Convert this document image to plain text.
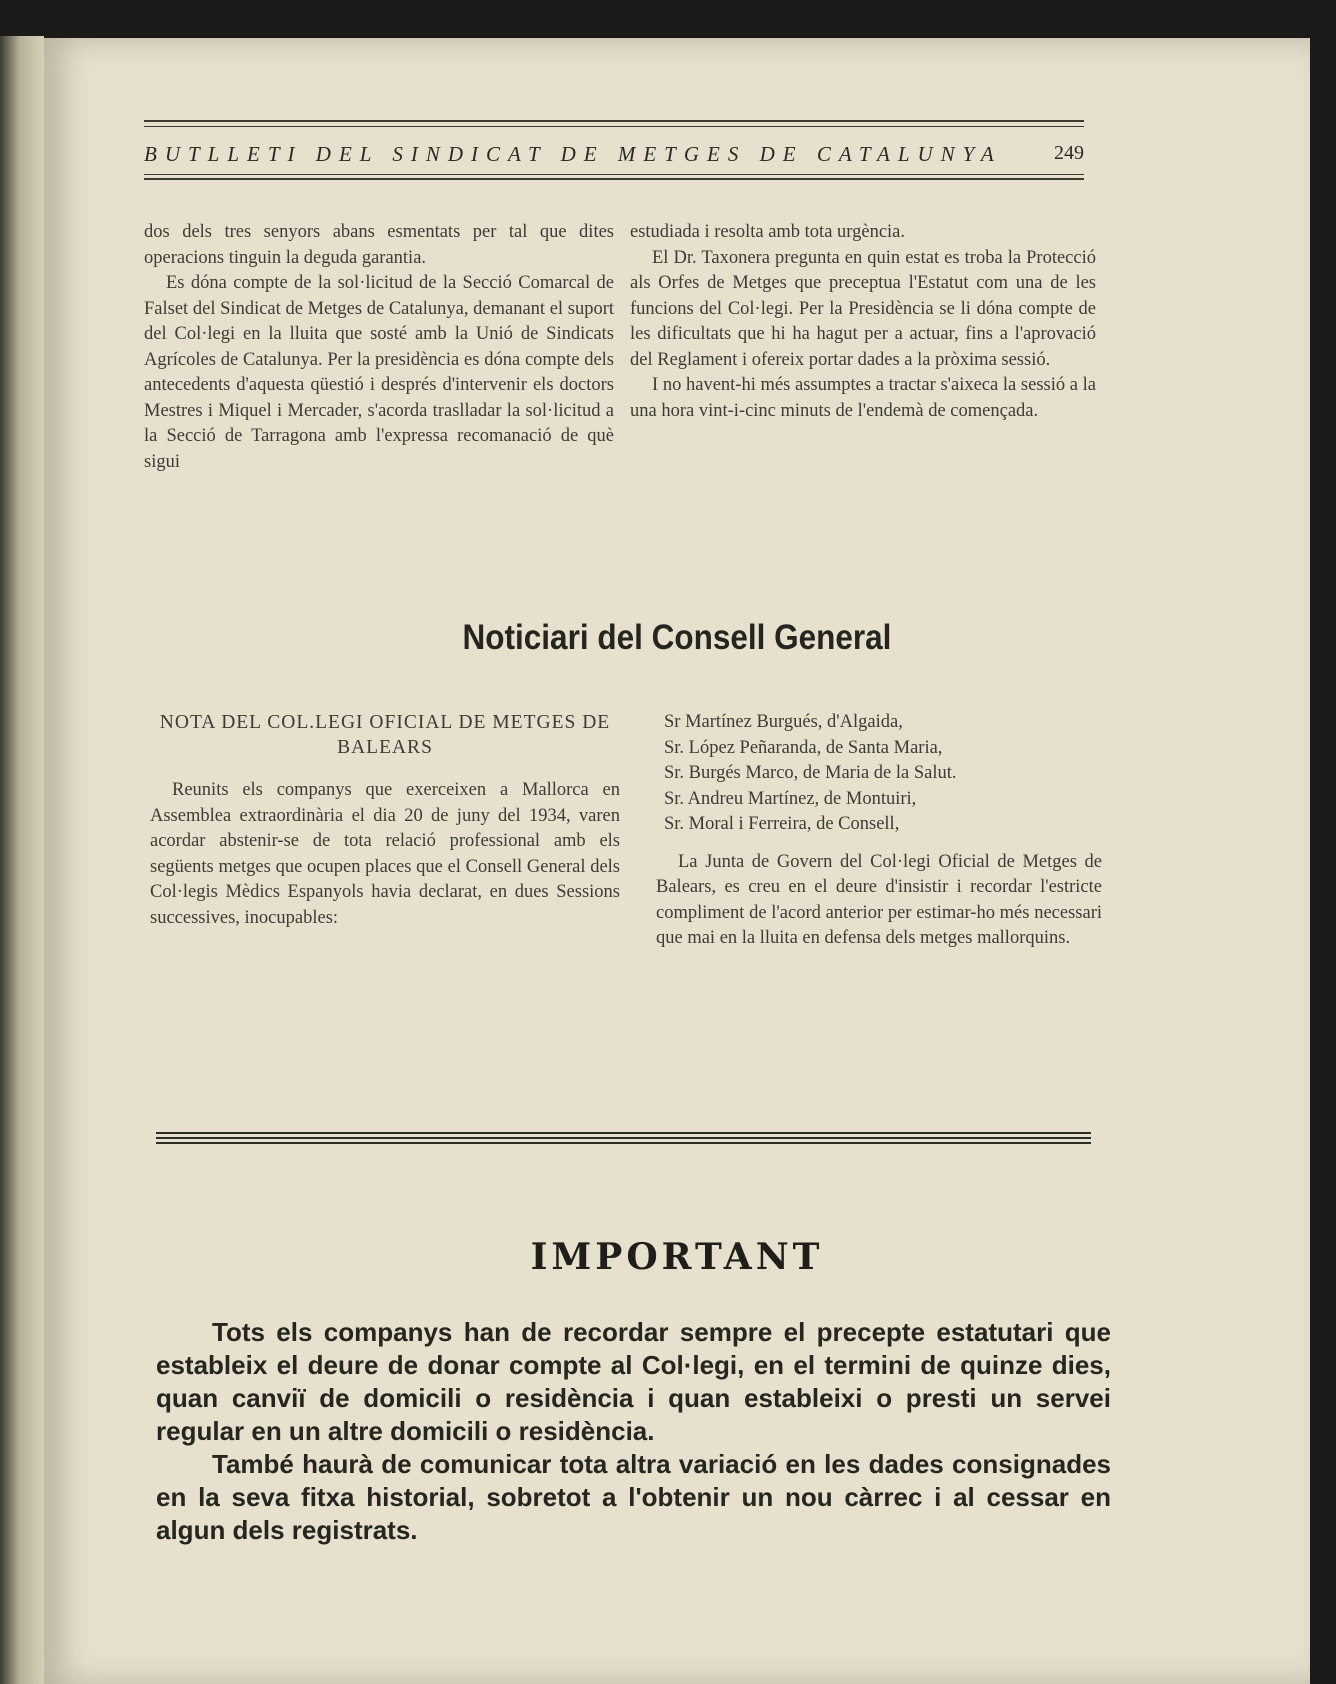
BUTLLETI DEL SINDICAT DE METGES DE CATALUNYA	249

dos dels tres senyors abans esmentats per tal que dites operacions tinguin la deguda garantia.

Es dóna compte de la sol·licitud de la Secció Comarcal de Falset del Sindicat de Metges de Catalunya, demanant el suport del Col·legi en la lluita que sosté amb la Unió de Sindicats Agrícoles de Catalunya. Per la presidència es dóna compte dels antecedents d'aquesta qüestió i després d'intervenir els doctors Mestres i Miquel i Mercader, s'acorda traslladar la sol·licitud a la Secció de Tarragona amb l'expressa recomanació de què sigui

estudiada i resolta amb tota urgència.

El Dr. Taxonera pregunta en quin estat es troba la Protecció als Orfes de Metges que preceptua l'Estatut com una de les funcions del Col·legi. Per la Presidència se li dóna compte de les dificultats que hi ha hagut per a actuar, fins a l'aprovació del Reglament i ofereix portar dades a la pròxima sessió.

I no havent-hi més assumptes a tractar s'aixeca la sessió a la una hora vint-i-cinc minuts de l'endemà de començada.

Noticiari del Consell General

NOTA DEL COL.LEGI OFICIAL DE METGES DE BALEARS

Reunits els companys que exerceixen a Mallorca en Assemblea extraordinària el dia 20 de juny del 1934, varen acordar abstenir-se de tota relació professional amb els següents metges que ocupen places que el Consell General dels Col·legis Mèdics Espanyols havia declarat, en dues Sessions successives, inocupables:

Sr Martínez Burgués, d'Algaida,

Sr. López Peñaranda, de Santa Maria,

Sr. Burgés Marco, de Maria de la Salut.

Sr. Andreu Martínez, de Montuiri,

Sr. Moral i Ferreira, de Consell,

La Junta de Govern del Col·legi Oficial de Metges de Balears, es creu en el deure d'insistir i recordar l'estricte compliment de l'acord anterior per estimar-ho més necessari que mai en la lluita en defensa dels metges mallorquins.

IMPORTANT

Tots els companys han de recordar sempre el precepte estatutari que estableix el deure de donar compte al Col·legi, en el termini de quinze dies, quan canviï de domicili o residència i quan estableixi o presti un servei regular en un altre domicili o residència.

També haurà de comunicar tota altra variació en les dades consignades en la seva fitxa historial, sobretot a l'obtenir un nou càrrec i al cessar en algun dels registrats.
